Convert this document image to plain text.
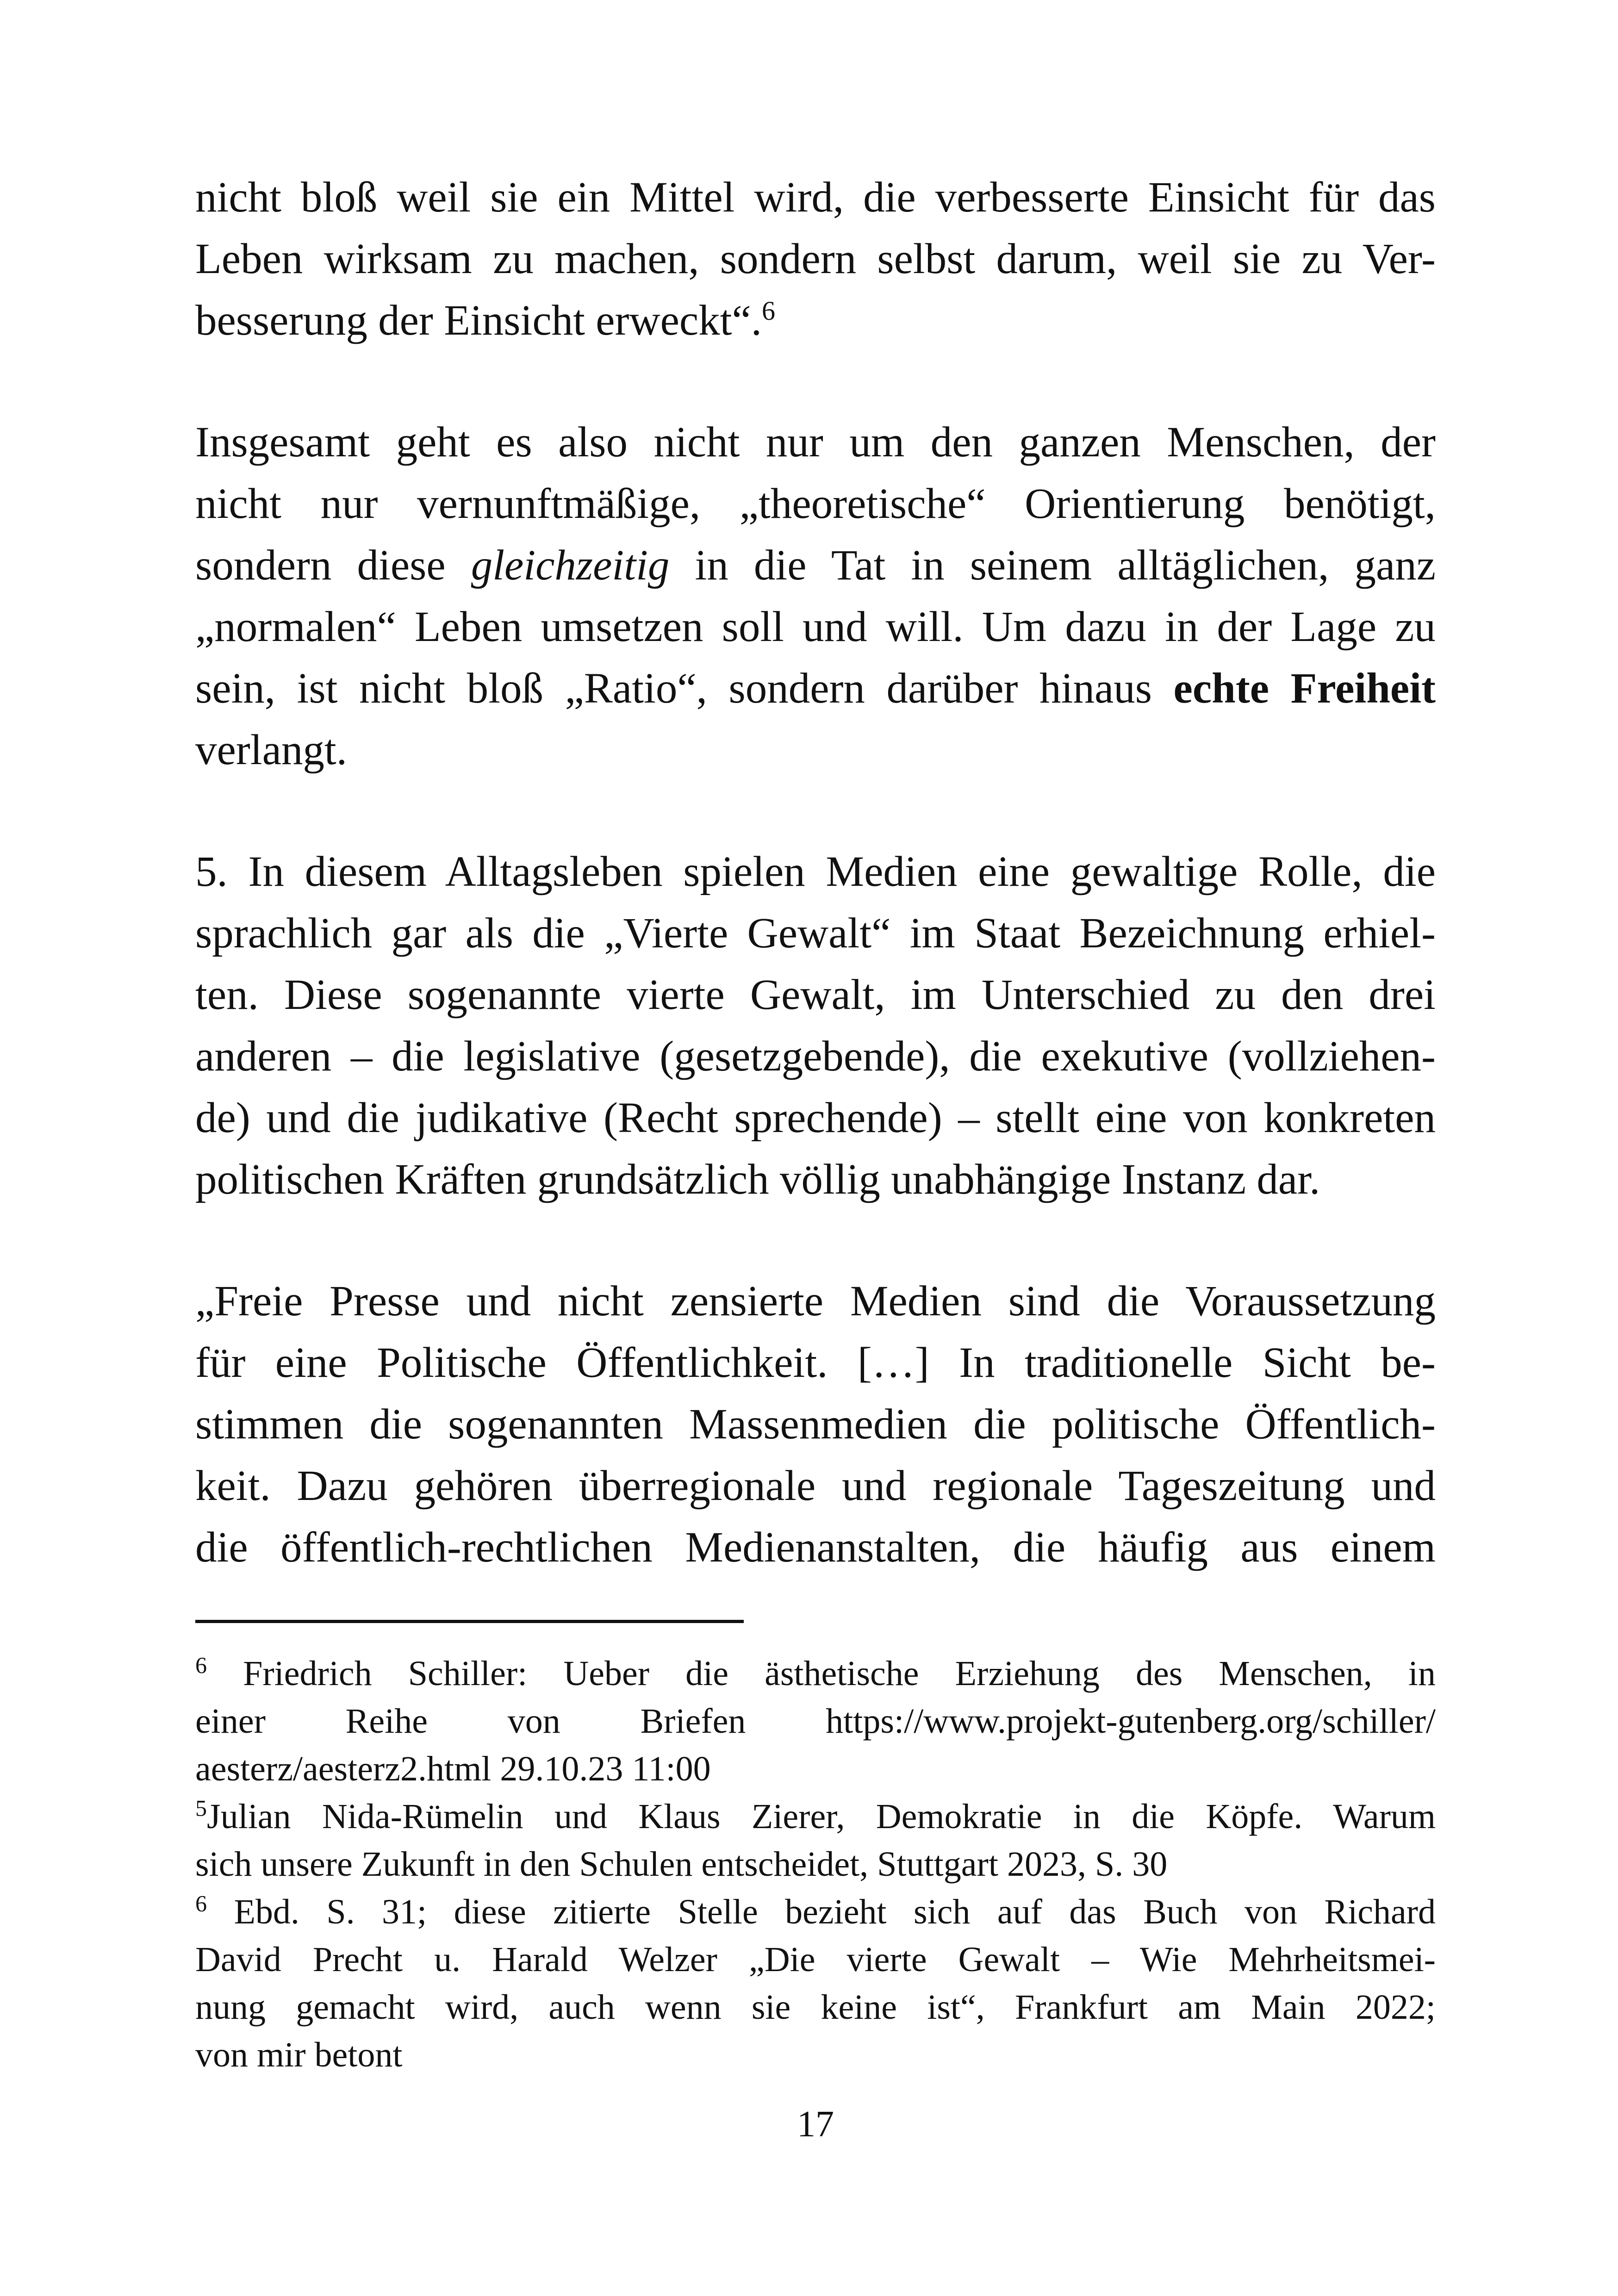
nicht bloß weil sie ein Mittel wird, die verbesserte Einsicht für das
Leben wirksam zu machen, sondern selbst darum, weil sie zu Ver-
besserung der Einsicht erweckt“.$^6$

Insgesamt geht es also nicht nur um den ganzen Menschen, der
nicht nur vernunftmäßige, „theoretische“ Orientierung benötigt,
sondern diese gleichzeitig in die Tat in seinem alltäglichen, ganz
„normalen“ Leben umsetzen soll und will. Um dazu in der Lage zu
sein, ist nicht bloß „Ratio“, sondern darüber hinaus echte Freiheit
verlangt.

5. In diesem Alltagsleben spielen Medien eine gewaltige Rolle, die
sprachlich gar als die „Vierte Gewalt“ im Staat Bezeichnung erhiel-
ten. Diese sogenannte vierte Gewalt, im Unterschied zu den drei
anderen – die legislative (gesetzgebende), die exekutive (vollziehen-
de) und die judikative (Recht sprechende) – stellt eine von konkreten
politischen Kräften grundsätzlich völlig unabhängige Instanz dar.

„Freie Presse und nicht zensierte Medien sind die Voraussetzung
für eine Politische Öffentlichkeit. […] In traditionelle Sicht be-
stimmen die sogenannten Massenmedien die politische Öffentlich-
keit. Dazu gehören überregionale und regionale Tageszeitung und
die öffentlich-rechtlichen Medienanstalten, die häufig aus einem

$^6$ Friedrich Schiller: Ueber die ästhetische Erziehung des Menschen, in
einer Reihe von Briefen https://www.projekt-gutenberg.org/schiller/
aesterz/aesterz2.html 29.10.23 11:00

$^5$Julian Nida-Rümelin und Klaus Zierer, Demokratie in die Köpfe. Warum
sich unsere Zukunft in den Schulen entscheidet, Stuttgart 2023, S. 30

$^6$ Ebd. S. 31; diese zitierte Stelle bezieht sich auf das Buch von Richard
David Precht u. Harald Welzer „Die vierte Gewalt – Wie Mehrheitsmei-
nung gemacht wird, auch wenn sie keine ist“, Frankfurt am Main 2022;
von mir betont

17
